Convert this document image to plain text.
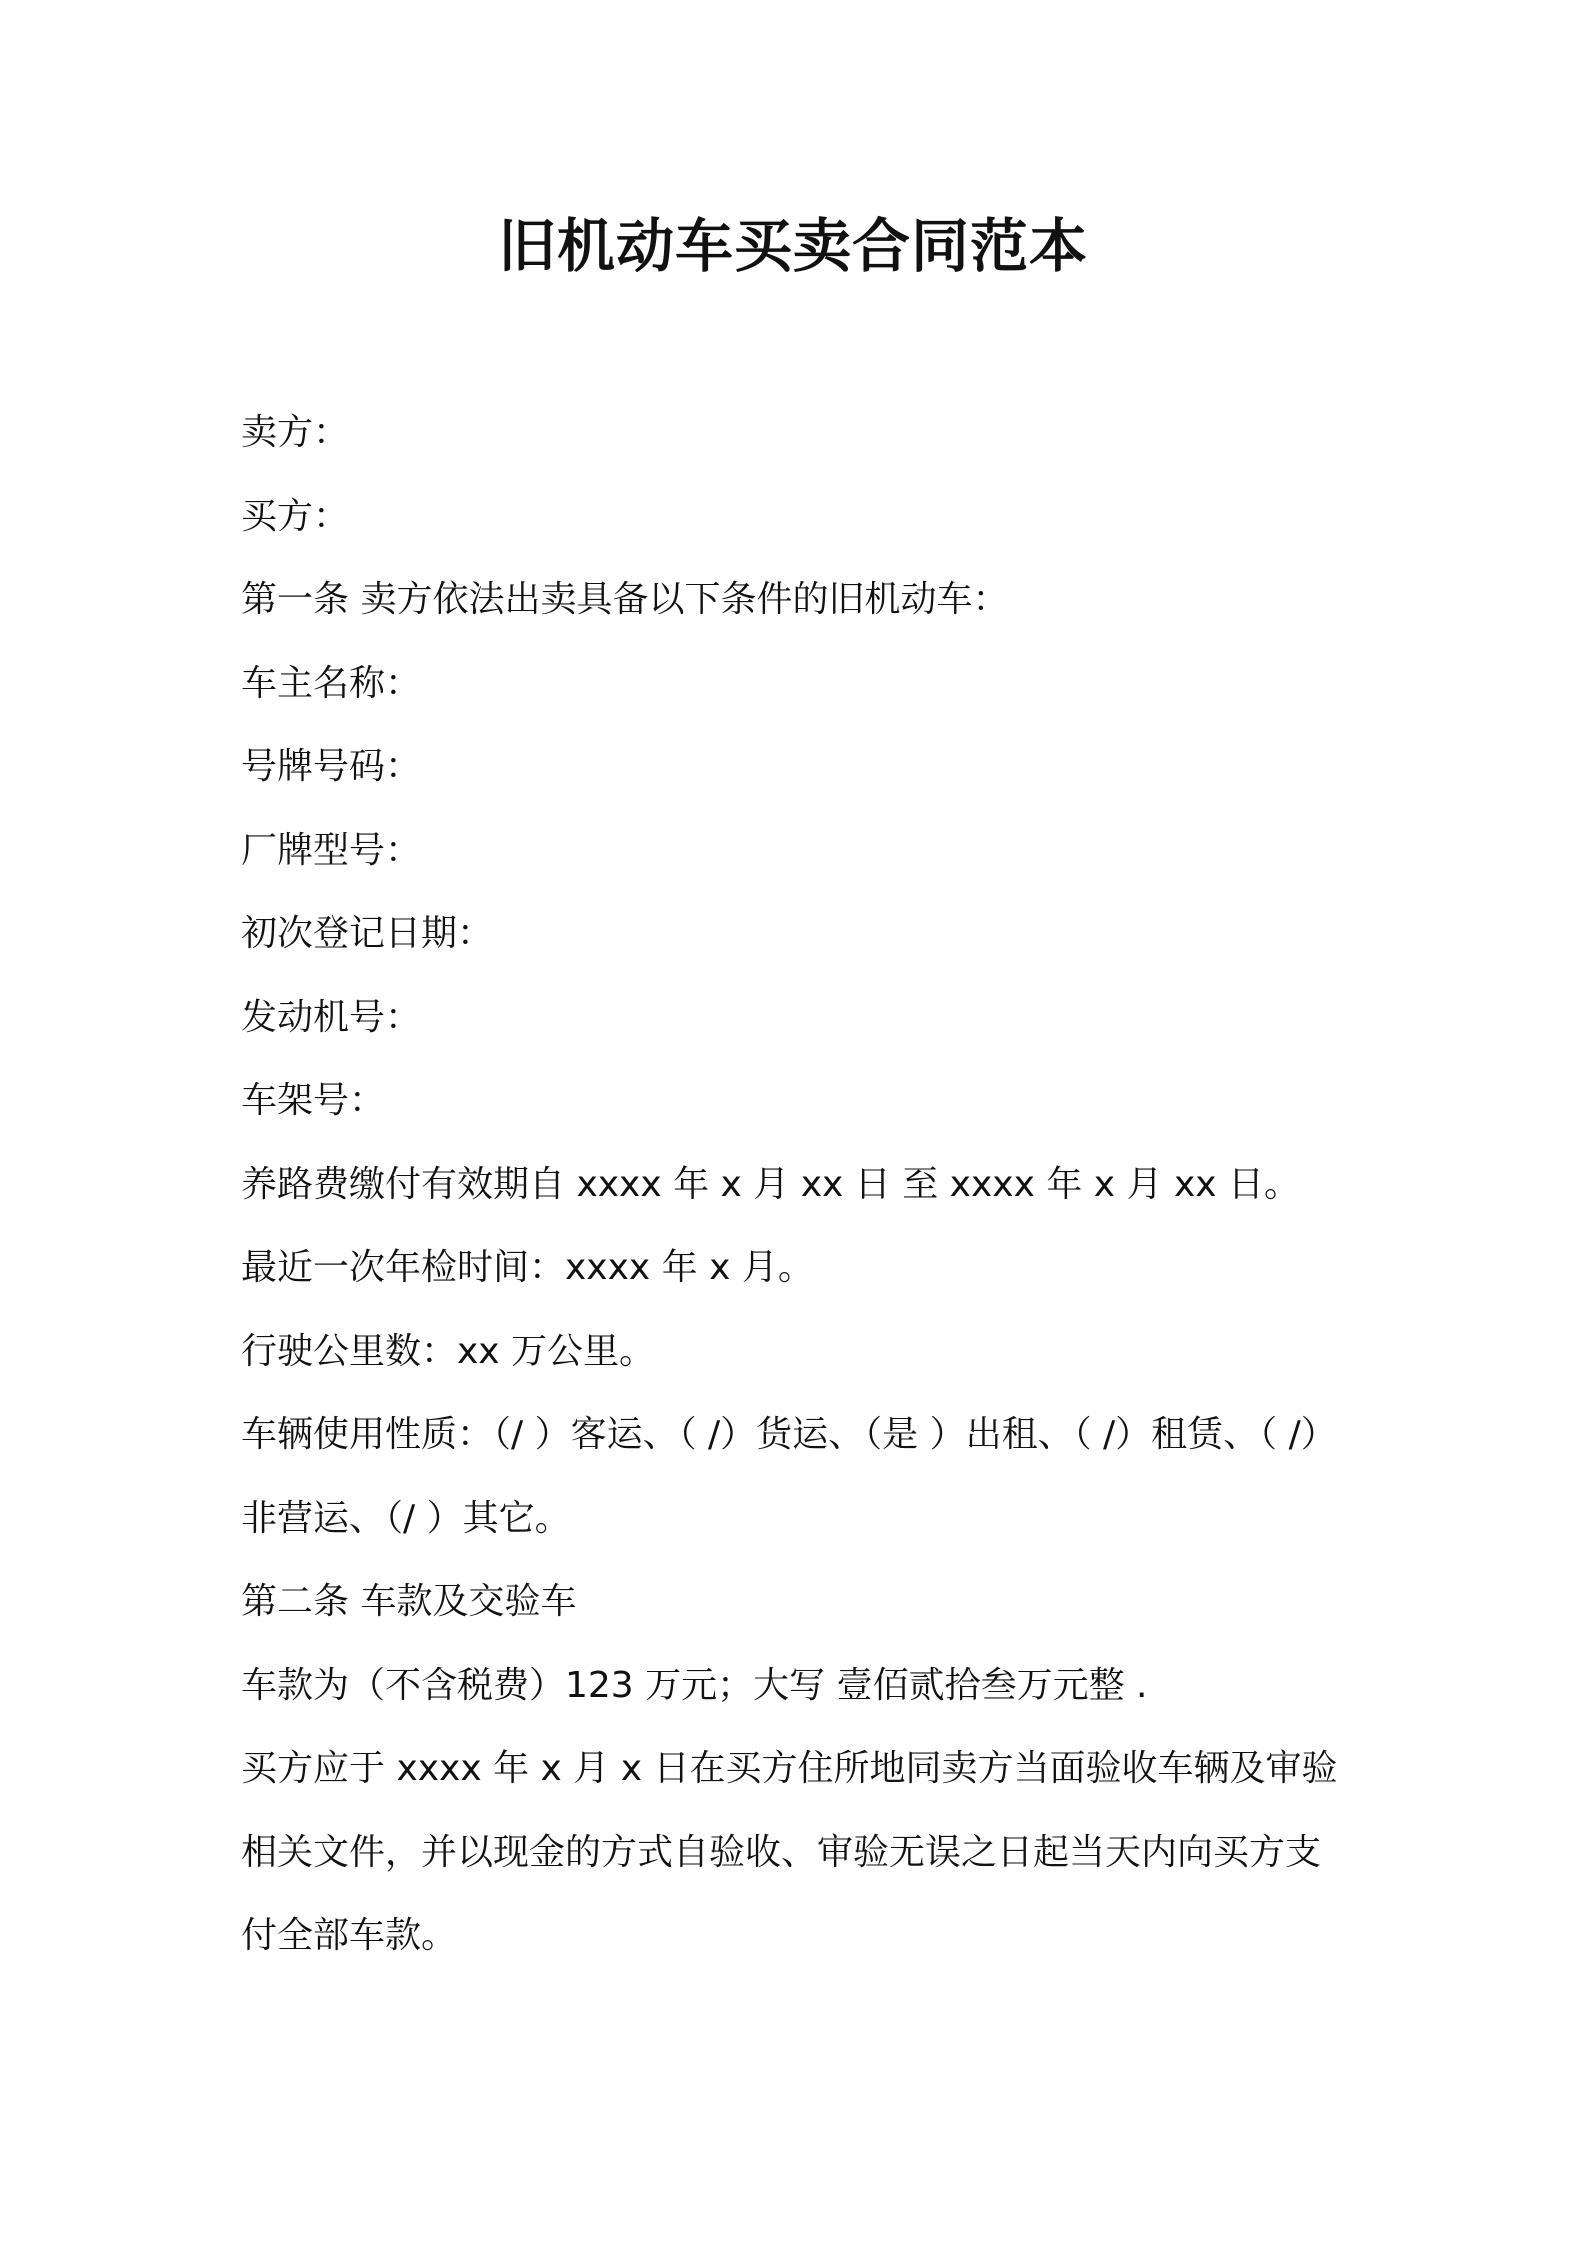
旧机动车买卖合同范本
卖方：
买方：
第一条 卖方依法出卖具备以下条件的旧机动车：
车主名称：
号牌号码：
厂牌型号：
初次登记日期：
发动机号：
车架号：
养路费缴付有效期自 xxxx 年 x 月 xx 日 至 xxxx 年 x 月 xx 日。
最近一次年检时间：xxxx 年 x 月。
行驶公里数：xx 万公里。
车辆使用性质：（/ ）客运、（ /）货运、（是 ）出租、（ /）租赁、（ /）
非营运、（/ ）其它。
第二条 车款及交验车
车款为（不含税费）123 万元；大写 壹佰贰拾叁万元整 .
买方应于 xxxx 年 x 月 x 日在买方住所地同卖方当面验收车辆及审验
相关文件，并以现金的方式自验收、审验无误之日起当天内向买方支
付全部车款。
